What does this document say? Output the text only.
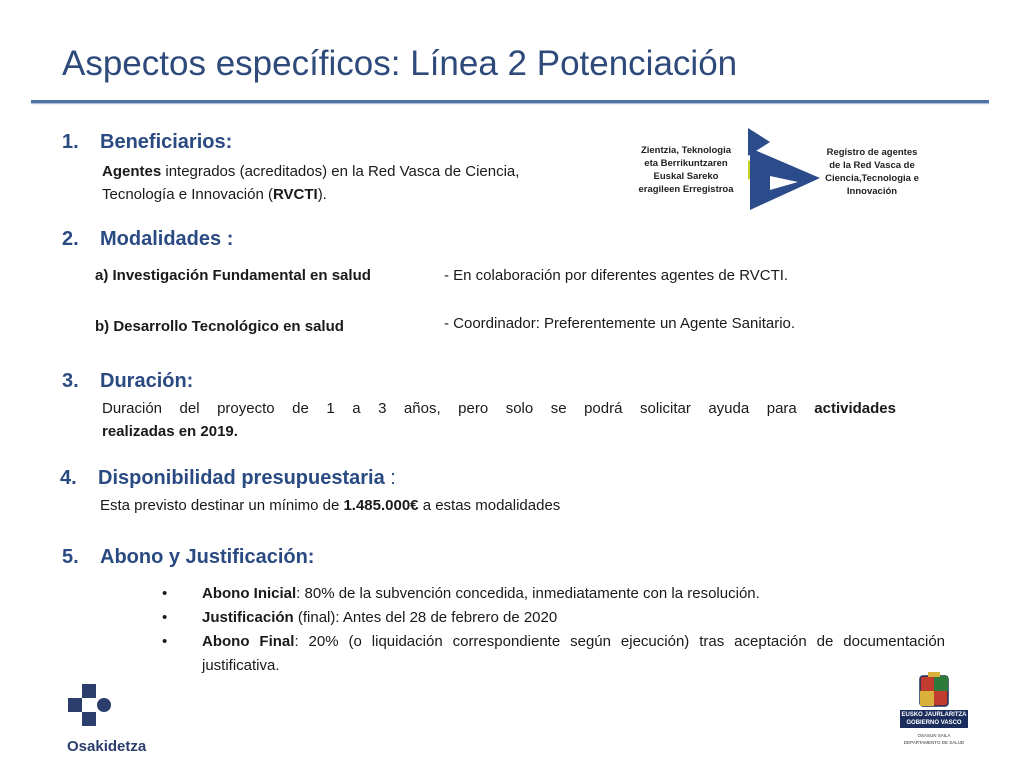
Aspectos específicos: Línea 2 Potenciación
Zientzia, Teknologia eta Berrikuntzaren Euskal Sareko eragileen Erregistroa
Registro de agentes de la Red Vasca de Ciencia,Tecnologia e Innovación
1. Beneficiarios:
Agentes integrados (acreditados) en la Red Vasca de Ciencia,
Tecnología e Innovación (RVCTI).
2. Modalidades :
a) Investigación Fundamental en salud	- En colaboración por diferentes agentes de RVCTI.
b) Desarrollo Tecnológico en salud	- Coordinador: Preferentemente un Agente Sanitario.
3. Duración:
Duración del proyecto de 1 a 3 años, pero solo se podrá solicitar ayuda para actividades
realizadas en 2019.
4. Disponibilidad presupuestaria :
Esta previsto destinar un mínimo de 1.485.000€ a estas modalidades
5. Abono y Justificación:
• Abono Inicial: 80% de la subvención concedida, inmediatamente con la resolución.
• Justificación (final): Antes del 28 de febrero de 2020
• Abono Final: 20% (o liquidación correspondiente según ejecución) tras aceptación de documentación justificativa.
Osakidetza
EUSKO JAURLARITZA GOBIERNO VASCO
OSASUN SAILA
DEPARTAMENTO DE SALUD
